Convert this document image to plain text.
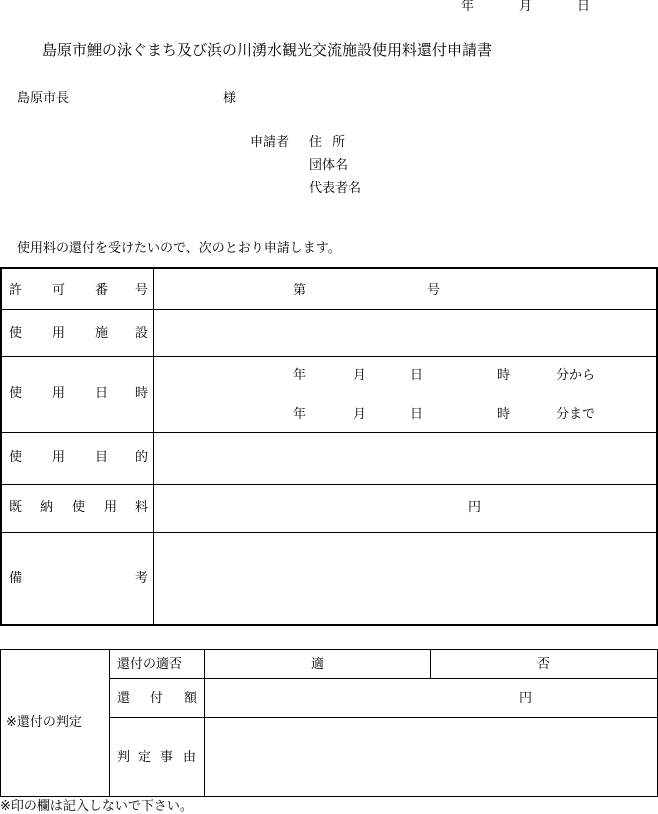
年	月	日
島原市鯉の泳ぐまち及び浜の川湧水観光交流施設使用料還付申請書
島原市長	様
申請者 住 所
団体名
代表者名
使用料の還付を受けたいので、次のとおり申請します。
許 可 番 号	第	号
使 用 施 設
使 用 日 時
年	月	日	時	分から
年	月	日	時	分まで
使 用 目 的
既 納 使 用 料	円
備	考
※還付の判定
還付の適否	適	否
還 付 額	円
判 定 事 由
※印の欄は記入しないで下さい。
